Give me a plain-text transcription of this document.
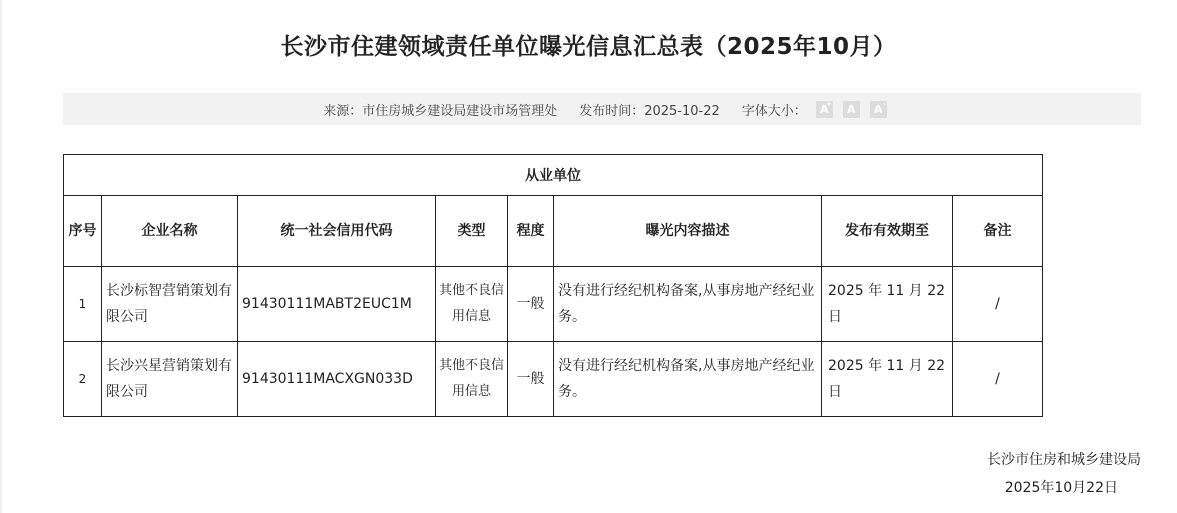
长沙市住建领域责任单位曝光信息汇总表（2025年10月）
来源：市住房城乡建设局建设市场管理处 发布时间：2025-10-22 字体大小：	A
+	A	A -
从业单位							
序号	企业名称	统一社会信用代码	类型	程度	曝光内容描述	发布有效期至	备注
1	长沙标智营销策划有限公司	91430111MABT2EUC1M	其他不良信用信息	一般	没有进行经纪机构备案,从事房地产经纪业务。	2025 年 11 月 22 日	/
2	长沙兴星营销策划有限公司	91430111MACXGN033D	其他不良信用信息	一般	没有进行经纪机构备案,从事房地产经纪业务。	2025 年 11 月 22 日	/
长沙市住房和城乡建设局
2025年10月22日
